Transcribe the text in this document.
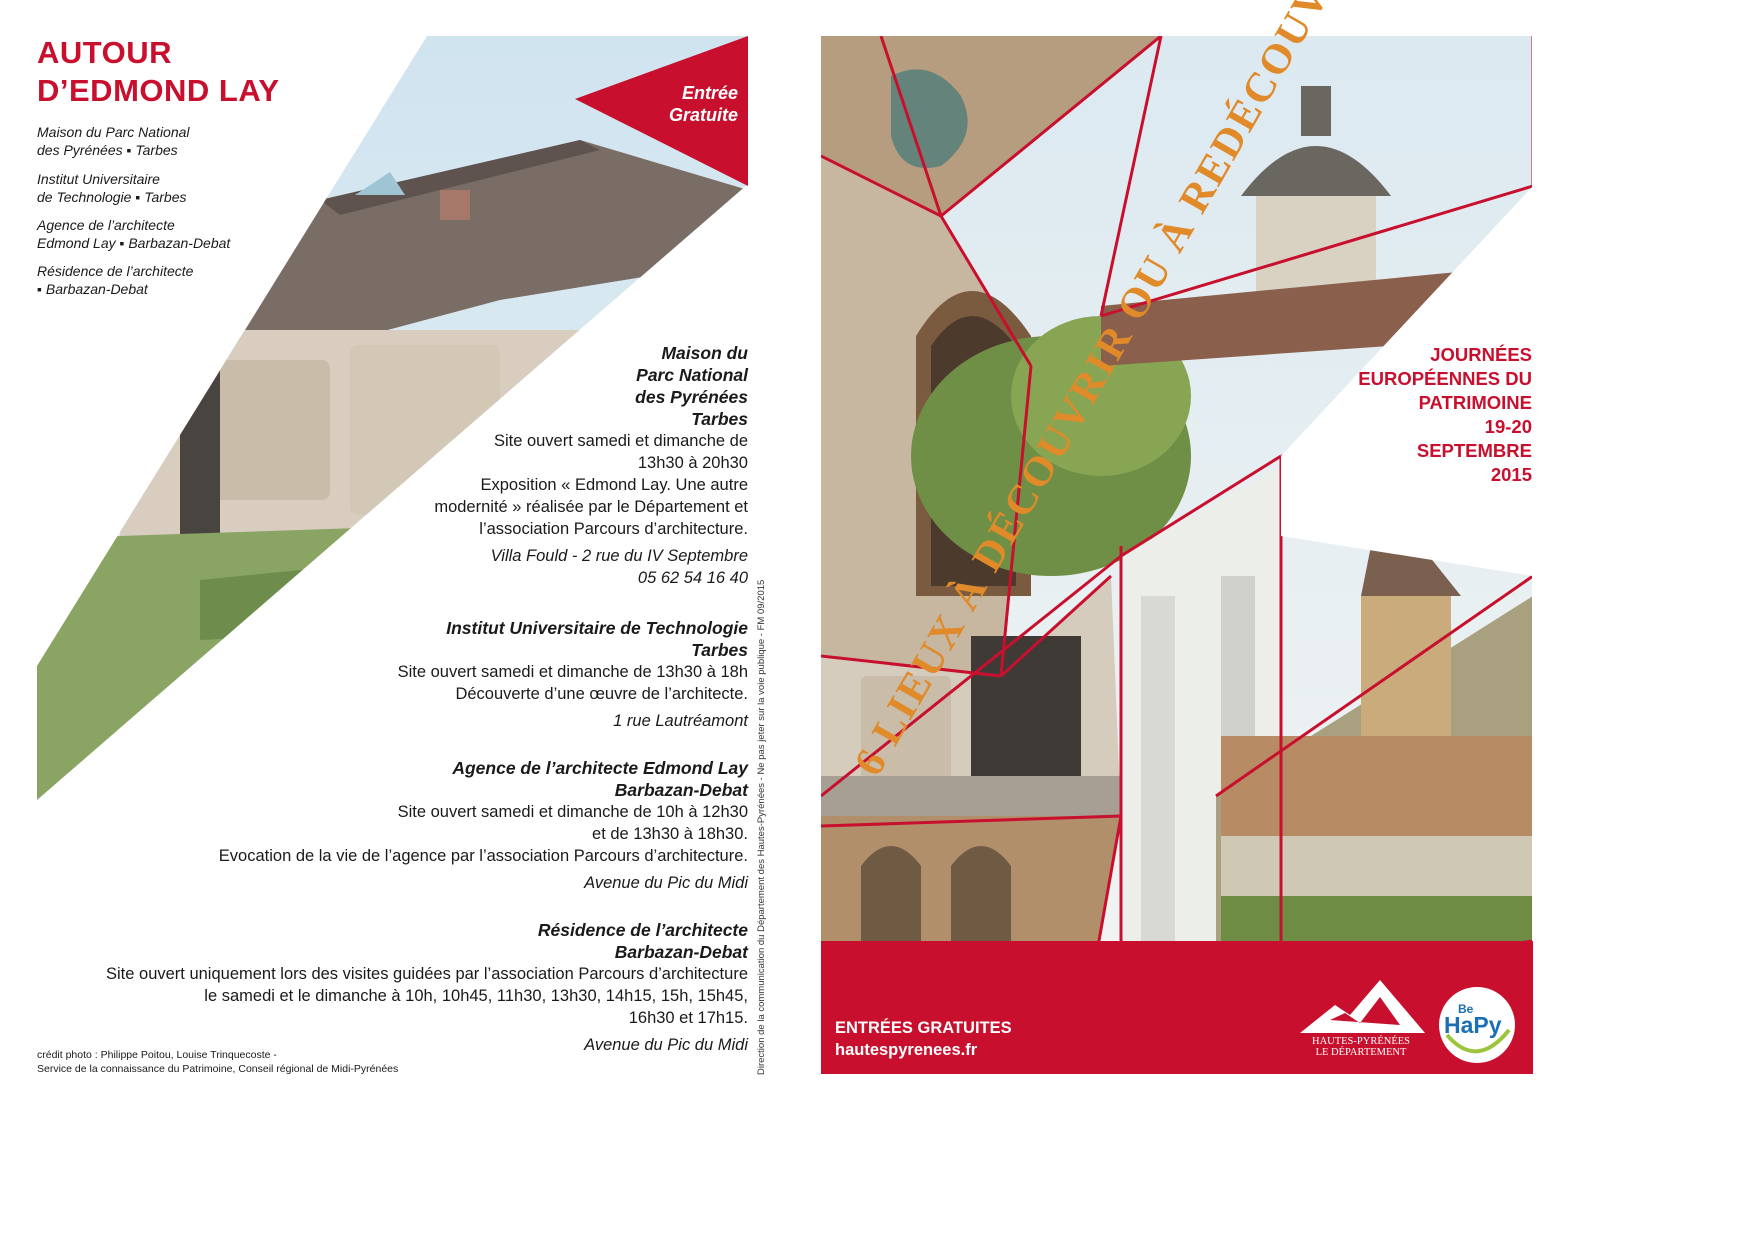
Entrée
Gratuite
AUTOUR
D’EDMOND LAY
Maison du Parc National
des Pyrénées ▪ Tarbes
Institut Universitaire
de Technologie ▪ Tarbes
Agence de l’architecte
Edmond Lay ▪ Barbazan-Debat
Résidence de l’architecte
▪ Barbazan-Debat
Maison du
Parc National
des Pyrénées
Tarbes
Site ouvert samedi et dimanche de
13h30 à 20h30
Exposition « Edmond Lay. Une autre
modernité » réalisée par le Département et
l’association Parcours d’architecture.
Villa Fould - 2 rue du IV Septembre
05 62 54 16 40
Institut Universitaire de Technologie
Tarbes
Site ouvert samedi et dimanche de 13h30 à 18h
Découverte d’une œuvre de l’architecte.
1 rue Lautréamont
Agence de l’architecte Edmond Lay
Barbazan-Debat
Site ouvert samedi et dimanche de 10h à 12h30
et de 13h30 à 18h30.
Evocation de la vie de l’agence par l’association Parcours d’architecture.
Avenue du Pic du Midi
Résidence de l’architecte
Barbazan-Debat
Site ouvert uniquement lors des visites guidées par l’association Parcours d’architecture
le samedi et le dimanche à 10h, 10h45, 11h30, 13h30, 14h15, 15h, 15h45,
16h30 et 17h15.
Avenue du Pic du Midi
crédit photo : Philippe Poitou, Louise Trinquecoste -
Service de la connaissance du Patrimoine, Conseil régional de Midi-Pyrénées	Direction de la communication du Département des Hautes-Pyrénées - Ne pas jeter sur la voie publique - FM 09/2015 6 LIEUX À DÉCOUVRIR OU À REDÉCOUVRIR
JOURNÉES
EUROPÉENNES DU
PATRIMOINE
19-20
SEPTEMBRE
2015
ENTRÉES GRATUITES
hautespyrenees.fr	HAUTES-PYRÉNÉES
LE DÉPARTEMENT
Be
HaPy
